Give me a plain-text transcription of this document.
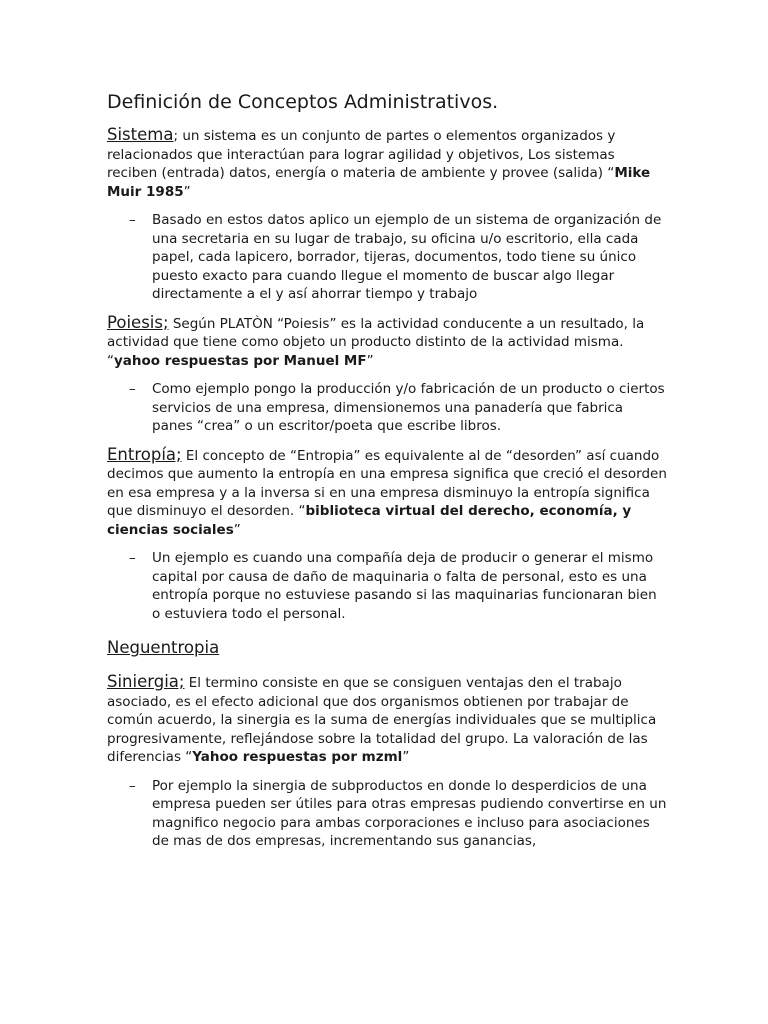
Definición de Conceptos Administrativos.

Sistema; un sistema es un conjunto de partes o elementos organizados y relacionados que interactúan para lograr agilidad y objetivos, Los sistemas reciben (entrada) datos, energía o materia de ambiente y provee (salida) “Mike Muir 1985”

– Basado en estos datos aplico un ejemplo de un sistema de organización de una secretaria en su lugar de trabajo, su oficina u/o escritorio, ella cada papel, cada lapicero, borrador, tijeras, documentos, todo tiene su único puesto exacto para cuando llegue el momento de buscar algo llegar directamente a el y así ahorrar tiempo y trabajo

Poiesis; Según PLATÒN “Poiesis” es la actividad conducente a un resultado, la actividad que tiene como objeto un producto distinto de la actividad misma. “yahoo respuestas por Manuel MF”

– Como ejemplo pongo la producción y/o fabricación de un producto o ciertos servicios de una empresa, dimensionemos una panadería que fabrica panes “crea” o un escritor/poeta que escribe libros.

Entropía; El concepto de “Entropia” es equivalente al de “desorden” así cuando decimos que aumento la entropía en una empresa significa que creció el desorden en esa empresa y a la inversa si en una empresa disminuyo la entropía significa que disminuyo el desorden. “biblioteca virtual del derecho, economía, y ciencias sociales”

– Un ejemplo es cuando una compañía deja de producir o generar el mismo capital por causa de daño de maquinaria o falta de personal, esto es una entropía porque no estuviese pasando si las maquinarias funcionaran bien o estuviera todo el personal.
Neguentropia

Siniergia; El termino consiste en que se consiguen ventajas den el trabajo asociado, es el efecto adicional que dos organismos obtienen por trabajar de común acuerdo, la sinergia es la suma de energías individuales que se multiplica progresivamente, reflejándose sobre la totalidad del grupo. La valoración de las diferencias “Yahoo respuestas por mzml”

– Por ejemplo la sinergia de subproductos en donde lo desperdicios de una empresa pueden ser útiles para otras empresas pudiendo convertirse en un magnifico negocio para ambas corporaciones e incluso para asociaciones de mas de dos empresas, incrementando sus ganancias,
